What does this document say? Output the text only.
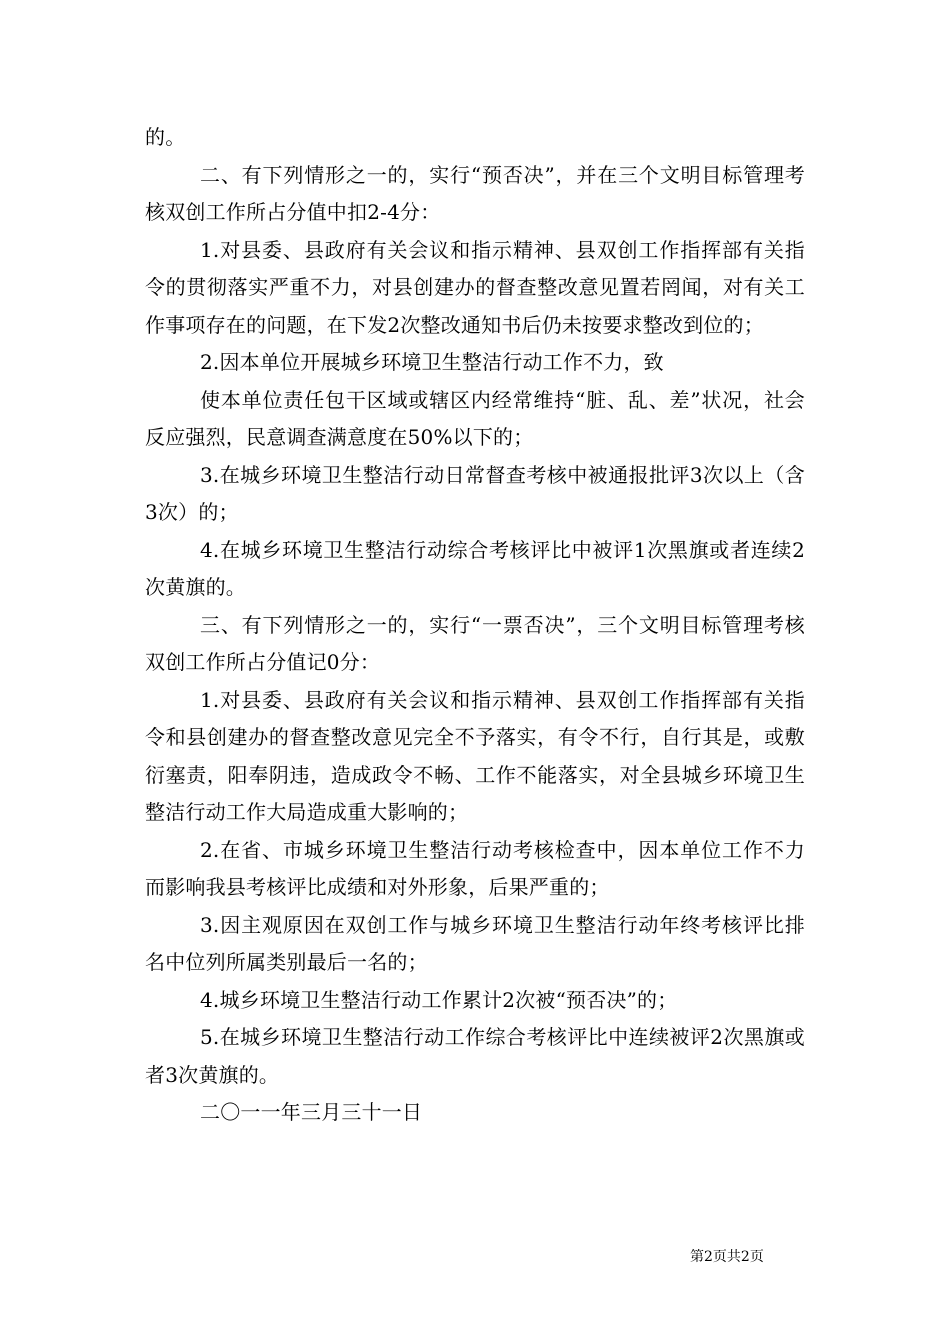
的。

二、有下列情形之一的，实行“预否决”，并在三个文明目标管理考核双创工作所占分值中扣2-4分：

1.对县委、县政府有关会议和指示精神、县双创工作指挥部有关指令的贯彻落实严重不力，对县创建办的督查整改意见置若罔闻，对有关工作事项存在的问题，在下发2次整改通知书后仍未按要求整改到位的；

2.因本单位开展城乡环境卫生整洁行动工作不力，致

使本单位责任包干区域或辖区内经常维持“脏、乱、差”状况，社会反应强烈，民意调查满意度在50%以下的；

3.在城乡环境卫生整洁行动日常督查考核中被通报批评3次以上（含3次）的；

4.在城乡环境卫生整洁行动综合考核评比中被评1次黑旗或者连续2次黄旗的。

三、有下列情形之一的，实行“一票否决”，三个文明目标管理考核双创工作所占分值记0分：

1.对县委、县政府有关会议和指示精神、县双创工作指挥部有关指令和县创建办的督查整改意见完全不予落实，有令不行，自行其是，或敷衍塞责，阳奉阴违，造成政令不畅、工作不能落实，对全县城乡环境卫生整洁行动工作大局造成重大影响的；

2.在省、市城乡环境卫生整洁行动考核检查中，因本单位工作不力而影响我县考核评比成绩和对外形象，后果严重的；

3.因主观原因在双创工作与城乡环境卫生整洁行动年终考核评比排名中位列所属类别最后一名的；

4.城乡环境卫生整洁行动工作累计2次被“预否决”的；

5.在城乡环境卫生整洁行动工作综合考核评比中连续被评2次黑旗或者3次黄旗的。

二〇一一年三月三十一日

第2页共2页
